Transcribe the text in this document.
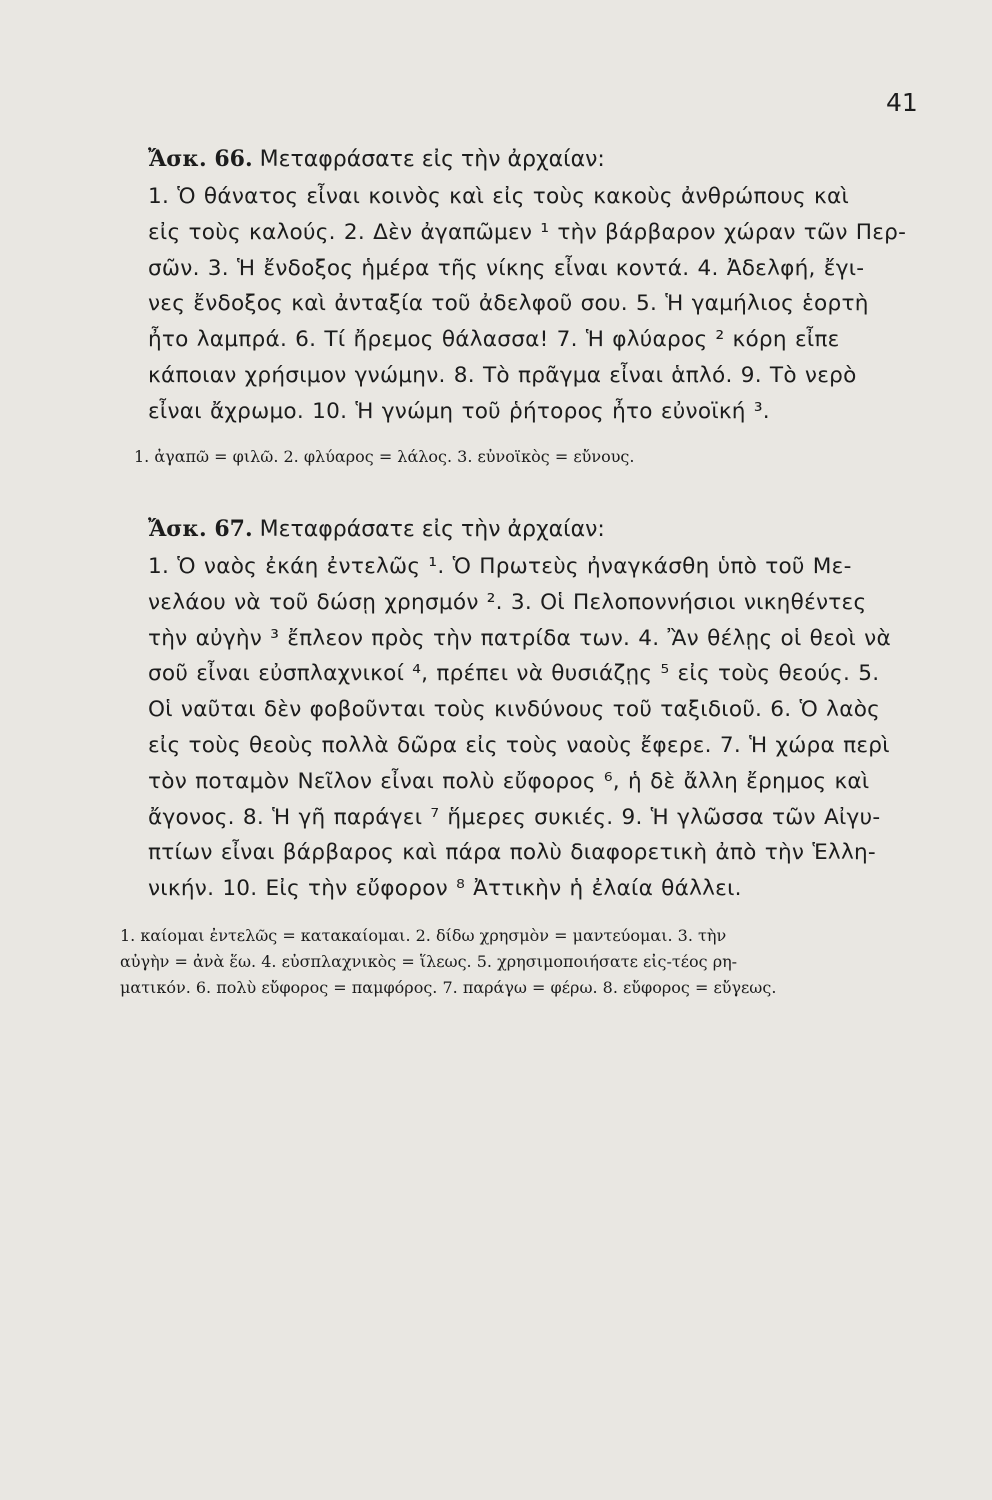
41

Ἄσκ. 66. Μεταφράσατε εἰς τὴν ἀρχαίαν:

1. Ὁ θάνατος εἶναι κοινὸς καὶ εἰς τοὺς κακοὺς ἀνθρώπους καὶ
εἰς τοὺς καλούς. 2. Δὲν ἀγαπῶμεν ¹ τὴν βάρβαρον χώραν τῶν Περ-
σῶν. 3. Ἡ ἔνδοξος ἡμέρα τῆς νίκης εἶναι κοντά. 4. Ἀδελφή, ἔγι-
νες ἔνδοξος καὶ ἀνταξία τοῦ ἀδελφοῦ σου. 5. Ἡ γαμήλιος ἑορτὴ
ἦτο λαμπρά. 6. Τί ἤρεμος θάλασσα! 7. Ἡ φλύαρος ² κόρη εἶπε
κάποιαν χρήσιμον γνώμην. 8. Τὸ πρᾶγμα εἶναι ἁπλό. 9. Τὸ νερὸ
εἶναι ἄχρωμο. 10. Ἡ γνώμη τοῦ ῥήτορος ἦτο εὐνοϊκή ³.

1. ἀγαπῶ = φιλῶ. 2. φλύαρος = λάλος. 3. εὐνοϊκὸς = εὔνους.

Ἄσκ. 67. Μεταφράσατε εἰς τὴν ἀρχαίαν:

1. Ὁ ναὸς ἐκάη ἐντελῶς ¹. Ὁ Πρωτεὺς ἠναγκάσθη ὑπὸ τοῦ Με-
νελάου νὰ τοῦ δώσῃ χρησμόν ². 3. Οἱ Πελοποννήσιοι νικηθέντες
τὴν αὐγὴν ³ ἔπλεον πρὸς τὴν πατρίδα των. 4. Ἂν θέλῃς οἱ θεοὶ νὰ
σοῦ εἶναι εὐσπλαχνικοί ⁴, πρέπει νὰ θυσιάζῃς ⁵ εἰς τοὺς θεούς. 5.
Οἱ ναῦται δὲν φοβοῦνται τοὺς κινδύνους τοῦ ταξιδιοῦ. 6. Ὁ λαὸς
εἰς τοὺς θεοὺς πολλὰ δῶρα εἰς τοὺς ναοὺς ἔφερε. 7. Ἡ χώρα περὶ
τὸν ποταμὸν Νεῖλον εἶναι πολὺ εὔφορος ⁶, ἡ δὲ ἄλλη ἔρημος καὶ
ἄγονος. 8. Ἡ γῆ παράγει ⁷ ἥμερες συκιές. 9. Ἡ γλῶσσα τῶν Αἰγυ-
πτίων εἶναι βάρβαρος καὶ πάρα πολὺ διαφορετικὴ ἀπὸ τὴν Ἑλλη-
νικήν. 10. Εἰς τὴν εὔφορον ⁸ Ἀττικὴν ἡ ἐλαία θάλλει.

1. καίομαι ἐντελῶς = κατακαίομαι. 2. δίδω χρησμὸν = μαντεύομαι. 3. τὴν
αὐγὴν = ἀνὰ ἕω. 4. εὐσπλαχνικὸς = ἵλεως. 5. χρησιμοποιήσατε εἰς-τέος ρη-
ματικόν. 6. πολὺ εὔφορος = παμφόρος. 7. παράγω = φέρω. 8. εὔφορος = εὔγεως.
